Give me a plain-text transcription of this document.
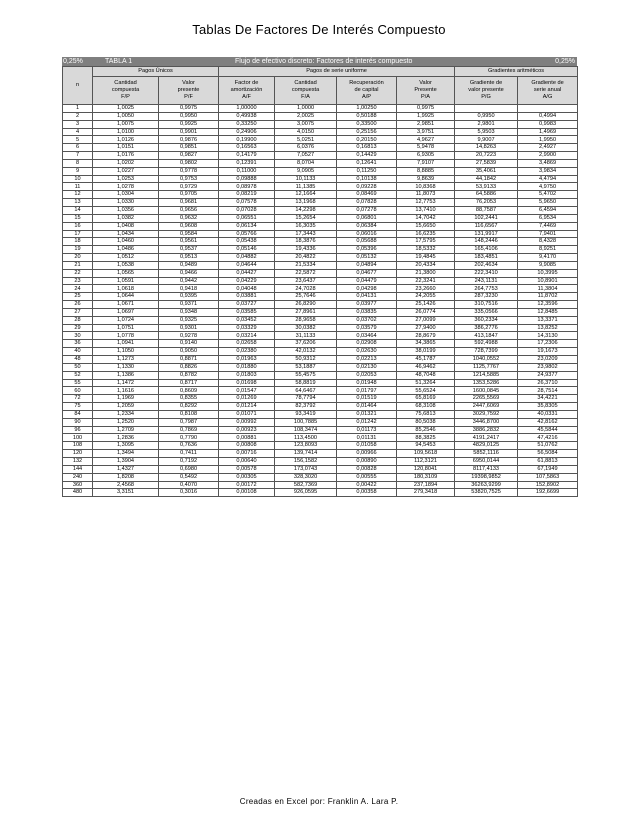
Tablas De Factores De Interés Compuesto
0,25%	TABLA 1	Flujo de efectivo discreto: Factores de interés compuesto	0,25%
n	Pagos Únicos		Pagos de serie uniforme				Gradientes aritméticos	
	Cantidad
compuesta
F/P	Valor
presente
P/F	Factor de
amortización
A/F	Cantidad
compuesta
F/A	Recuperación
de capital
A/P	Valor
Presente
P/A	Gradiente de
valor presente
P/G	Gradiente de
serie anual
A/G
1	1,0025	0,9975	1,00000	1,0000	1,00250	0,9975		
2	1,0050	0,9950	0,49938	2,0025	0,50188	1,9925	0,9950	0,4994
3	1,0075	0,9925	0,33250	3,0075	0,33500	2,9851	2,9801	0,9983
4	1,0100	0,9901	0,24906	4,0150	0,25156	3,9751	5,9503	1,4969
5	1,0126	0,9876	0,19900	5,0251	0,20150	4,9627	9,9007	1,9950
6	1,0151	0,9851	0,16563	6,0376	0,16813	5,9478	14,8263	2,4927
7	1,0176	0,9827	0,14179	7,0527	0,14429	6,9305	20,7223	2,9900
8	1,0202	0,9802	0,12391	8,0704	0,12641	7,9107	27,5839	3,4869
9	1,0227	0,9778	0,11000	9,0905	0,11250	8,8885	35,4061	3,9834
10	1,0253	0,9753	0,09888	10,1133	0,10138	9,8639	44,1842	4,4794
11	1,0278	0,9729	0,08978	11,1385	0,09228	10,8368	53,9133	4,9750
12	1,0304	0,9705	0,08219	12,1664	0,08469	11,8073	64,5886	5,4702
13	1,0330	0,9681	0,07578	13,1968	0,07828	12,7753	76,2053	5,9650
14	1,0356	0,9656	0,07028	14,2298	0,07278	13,7410	88,7587	6,4594
15	1,0382	0,9632	0,06551	15,2654	0,06801	14,7042	102,2441	6,9534
16	1,0408	0,9608	0,06134	16,3035	0,06384	15,6650	116,6567	7,4469
17	1,0434	0,9584	0,05766	17,3443	0,06016	16,6235	131,9917	7,9401
18	1,0460	0,9561	0,05438	18,3876	0,05688	17,5795	148,2446	8,4328
19	1,0486	0,9537	0,05146	19,4336	0,05396	18,5332	165,4106	8,9251
20	1,0512	0,9513	0,04882	20,4822	0,05132	19,4845	183,4851	9,4170
21	1,0538	0,9489	0,04644	21,5334	0,04894	20,4334	202,4634	9,9085
22	1,0565	0,9466	0,04427	22,5872	0,04677	21,3800	222,3410	10,3995
23	1,0591	0,9442	0,04229	23,6437	0,04479	22,3241	243,1131	10,8901
24	1,0618	0,9418	0,04048	24,7028	0,04298	23,2660	264,7753	11,3804
25	1,0644	0,9395	0,03881	25,7646	0,04131	24,2055	287,3230	11,8702
26	1,0671	0,9371	0,03727	26,8290	0,03977	25,1426	310,7516	12,3596
27	1,0697	0,9348	0,03585	27,8961	0,03835	26,0774	335,0566	12,8485
28	1,0724	0,9325	0,03452	28,9658	0,03702	27,0099	360,2334	13,3371
29	1,0751	0,9301	0,03329	30,0382	0,03579	27,9400	386,2776	13,8252
30	1,0778	0,9278	0,03214	31,1133	0,03464	28,8679	413,1847	14,3130
36	1,0941	0,9140	0,02658	37,6206	0,02908	34,3865	592,4988	17,2306
40	1,1050	0,9050	0,02380	42,0132	0,02630	38,0199	728,7399	19,1673
48	1,1273	0,8871	0,01963	50,9312	0,02213	45,1787	1040,0552	23,0209
50	1,1330	0,8826	0,01880	53,1887	0,02130	46,9462	1125,7767	23,9802
52	1,1386	0,8782	0,01803	55,4575	0,02053	48,7048	1214,5885	24,9377
55	1,1472	0,8717	0,01698	58,8819	0,01948	51,3264	1353,5286	26,3710
60	1,1616	0,8609	0,01547	64,6467	0,01797	55,6524	1600,0845	28,7514
72	1,1969	0,8355	0,01269	78,7794	0,01519	65,8169	2265,5569	34,4221
75	1,2059	0,8292	0,01214	82,3792	0,01464	68,3108	2447,6069	35,8305
84	1,2334	0,8108	0,01071	93,3419	0,01321	75,6813	3029,7592	40,0331
90	1,2520	0,7987	0,00992	100,7885	0,01242	80,5038	3446,8700	42,8162
96	1,2709	0,7869	0,00923	108,3474	0,01173	85,2546	3886,2832	45,5844
100	1,2836	0,7790	0,00881	113,4500	0,01131	88,3825	4191,2417	47,4216
108	1,3095	0,7636	0,00808	123,8093	0,01058	94,5453	4829,0125	51,0762
120	1,3494	0,7411	0,00716	139,7414	0,00966	109,5618	5852,1116	56,5084
132	1,3904	0,7192	0,00640	156,1582	0,00890	112,3121	6950,0144	61,8813
144	1,4327	0,6980	0,00578	173,0743	0,00828	120,8041	8117,4133	67,1949
240	1,8208	0,5492	0,00305	328,3020	0,00555	180,3109	19398,9852	107,5863
360	2,4568	0,4070	0,00172	582,7369	0,00422	237,1894	36263,9299	152,8902
480	3,3151	0,3016	0,00108	926,0595	0,00358	279,3418	53820,7525	192,6699
Creadas en Excel por: Franklin A. Lara P.
